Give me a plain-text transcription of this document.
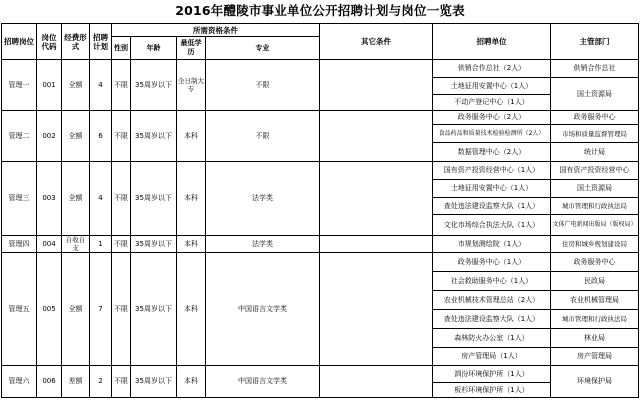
2016年醴陵市事业单位公开招聘计划与岗位一览表
招聘岗位	岗位代码	经费形式	招聘计划	所需资格条件				其它条件	招聘单位	主管部门
				性别	年龄	最低学历	专业			
管理一	001	全额	4	不限	35周岁以下	全日制大专	不限		供销合作总社（2人）	供销合作总社
									土地征用安置中心（1人）	国土资源局
									不动产登记中心（1人）	
管理二	002	全额	6	不限	35周岁以下	本科	不限		政务服务中心（2人）	政务服务中心
									食品药品和质量技术检验检测所（2人）	市场和质量监督管理局
									数据管理中心（2人）	统计局
管理三	003	全额	4	不限	35周岁以下	本科	法学类		国有资产投资经营中心（1人）	国有资产投资经营中心
									土地征用安置中心（1人）	国土资源局
									查处违法建设监察大队（1人）	城市管理和行政执法局
									文化市场综合执法大队（1人）	文体广电新闻出版局（版权局）
管理四	004	自收自支	1	不限	35周岁以下	本科	法学类		市规划测绘院（1人）	住房和城乡规划建设局
管理五	005	全额	7	不限	35周岁以下	本科	中国语言文学类		政务服务中心（1人）	政务服务中心
									社会救助服务中心（1人）	民政局
									农业机械技术管理总站（2人）	农业机械管理局
									查处违法建设监察大队（1人）	城市管理和行政执法局
									森林防火办公室（1人）	林业局
									房产管理局（1人）	房产管理局
管理六	006	差额	2	不限	35周岁以下	本科	中国语言文学类		泗汾环境保护所（1人）	环境保护局
									板杉环境保护所（1人）	
